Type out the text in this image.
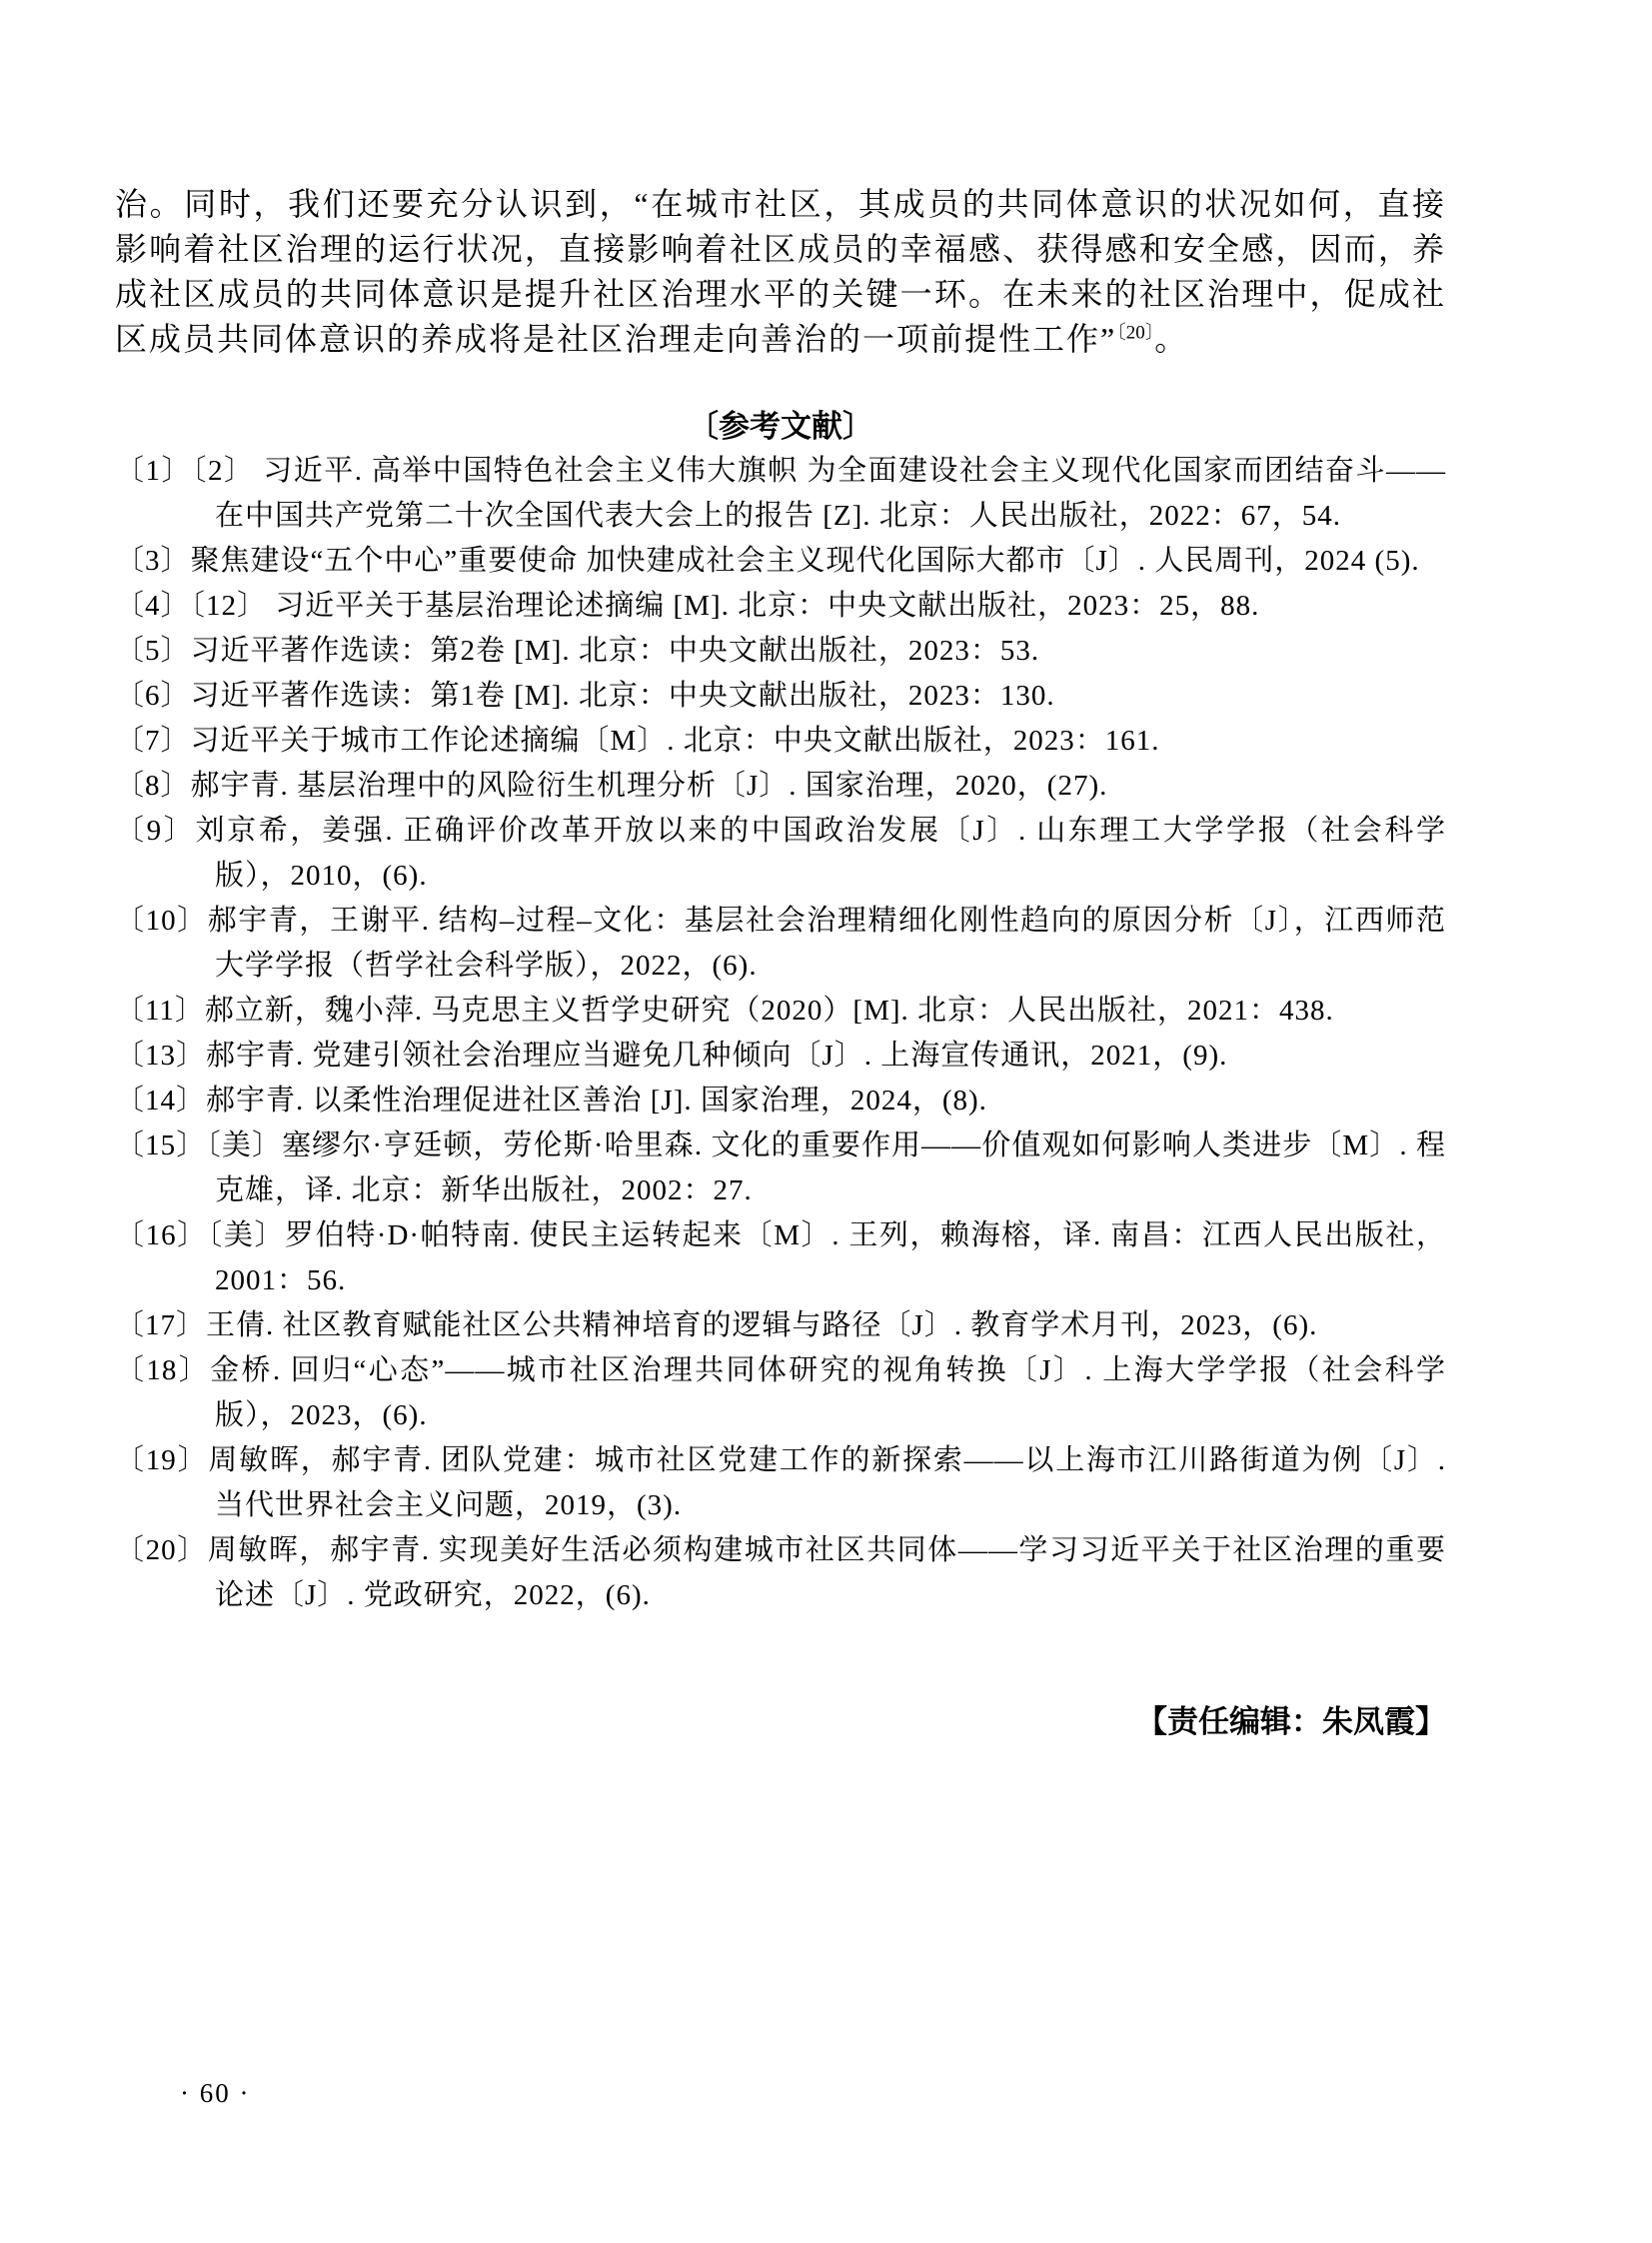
治。同时，我们还要充分认识到，“在城市社区，其成员的共同体意识的状况如何，直接影响着社区治理的运行状况，直接影响着社区成员的幸福感、获得感和安全感，因而，养成社区成员的共同体意识是提升社区治理水平的关键一环。在未来的社区治理中，促成社区成员共同体意识的养成将是社区治理走向善治的一项前提性工作”$^{〔20〕}$。

〔参考文献〕
〔1〕〔2〕 习近平. 高举中国特色社会主义伟大旗帜 为全面建设社会主义现代化国家而团结奋斗——在中国共产党第二十次全国代表大会上的报告 [Z]. 北京：人民出版社，2022：67，54.
〔3〕聚焦建设“五个中心”重要使命 加快建成社会主义现代化国际大都市〔J〕. 人民周刊，2024 (5).
〔4〕〔12〕 习近平关于基层治理论述摘编 [M]. 北京：中央文献出版社，2023：25，88.
〔5〕习近平著作选读：第2卷 [M]. 北京：中央文献出版社，2023：53.
〔6〕习近平著作选读：第1卷 [M]. 北京：中央文献出版社，2023：130.
〔7〕习近平关于城市工作论述摘编〔M〕. 北京：中央文献出版社，2023：161.
〔8〕郝宇青. 基层治理中的风险衍生机理分析〔J〕. 国家治理，2020，(27).
〔9〕刘京希，姜强. 正确评价改革开放以来的中国政治发展〔J〕. 山东理工大学学报（社会科学版），2010，(6).
〔10〕郝宇青，王谢平. 结构–过程–文化：基层社会治理精细化刚性趋向的原因分析〔J〕，江西师范大学学报（哲学社会科学版），2022，(6).
〔11〕郝立新，魏小萍. 马克思主义哲学史研究（2020）[M]. 北京：人民出版社，2021：438.
〔13〕郝宇青. 党建引领社会治理应当避免几种倾向〔J〕. 上海宣传通讯，2021，(9).
〔14〕郝宇青. 以柔性治理促进社区善治 [J]. 国家治理，2024，(8).
〔15〕〔美〕塞缪尔·亨廷顿，劳伦斯·哈里森. 文化的重要作用——价值观如何影响人类进步〔M〕. 程克雄，译. 北京：新华出版社，2002：27.
〔16〕〔美〕罗伯特·D·帕特南. 使民主运转起来〔M〕. 王列，赖海榕，译. 南昌：江西人民出版社，2001：56.
〔17〕王倩. 社区教育赋能社区公共精神培育的逻辑与路径〔J〕. 教育学术月刊，2023，(6).
〔18〕金桥. 回归“心态”——城市社区治理共同体研究的视角转换〔J〕. 上海大学学报（社会科学版），2023，(6).
〔19〕周敏晖，郝宇青. 团队党建：城市社区党建工作的新探索——以上海市江川路街道为例〔J〕. 当代世界社会主义问题，2019，(3).
〔20〕周敏晖，郝宇青. 实现美好生活必须构建城市社区共同体——学习习近平关于社区治理的重要论述〔J〕. 党政研究，2022，(6).
【责任编辑：朱凤霞】
· 60 ·
